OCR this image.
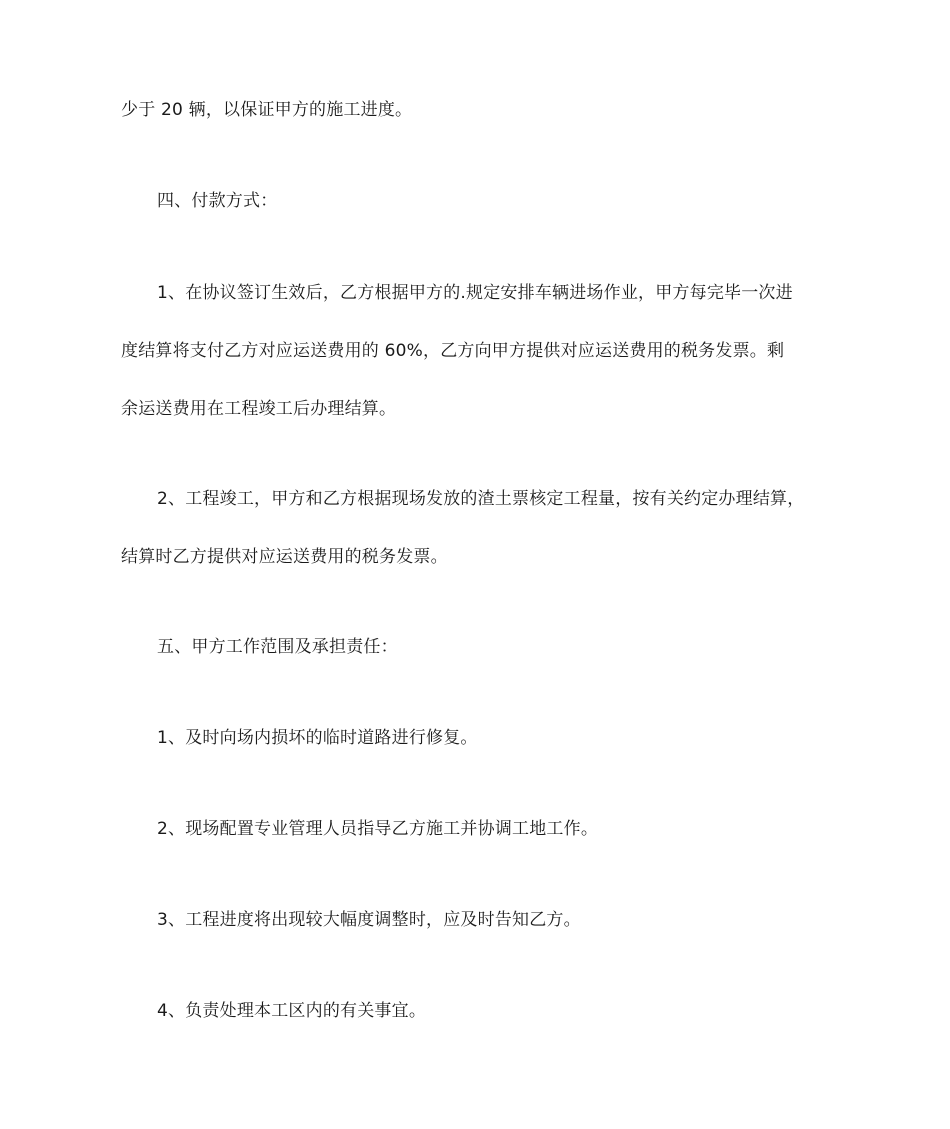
少于 20 辆，以保证甲方的施工进度。
四、付款方式：
1、在协议签订生效后，乙方根据甲方的.规定安排车辆进场作业，甲方每完毕一次进
度结算将支付乙方对应运送费用的 60%，乙方向甲方提供对应运送费用的税务发票。剩
余运送费用在工程竣工后办理结算。
2、工程竣工，甲方和乙方根据现场发放的渣土票核定工程量，按有关约定办理结算，
结算时乙方提供对应运送费用的税务发票。
五、甲方工作范围及承担责任：
1、及时向场内损坏的临时道路进行修复。
2、现场配置专业管理人员指导乙方施工并协调工地工作。
3、工程进度将出现较大幅度调整时，应及时告知乙方。
4、负责处理本工区内的有关事宜。
